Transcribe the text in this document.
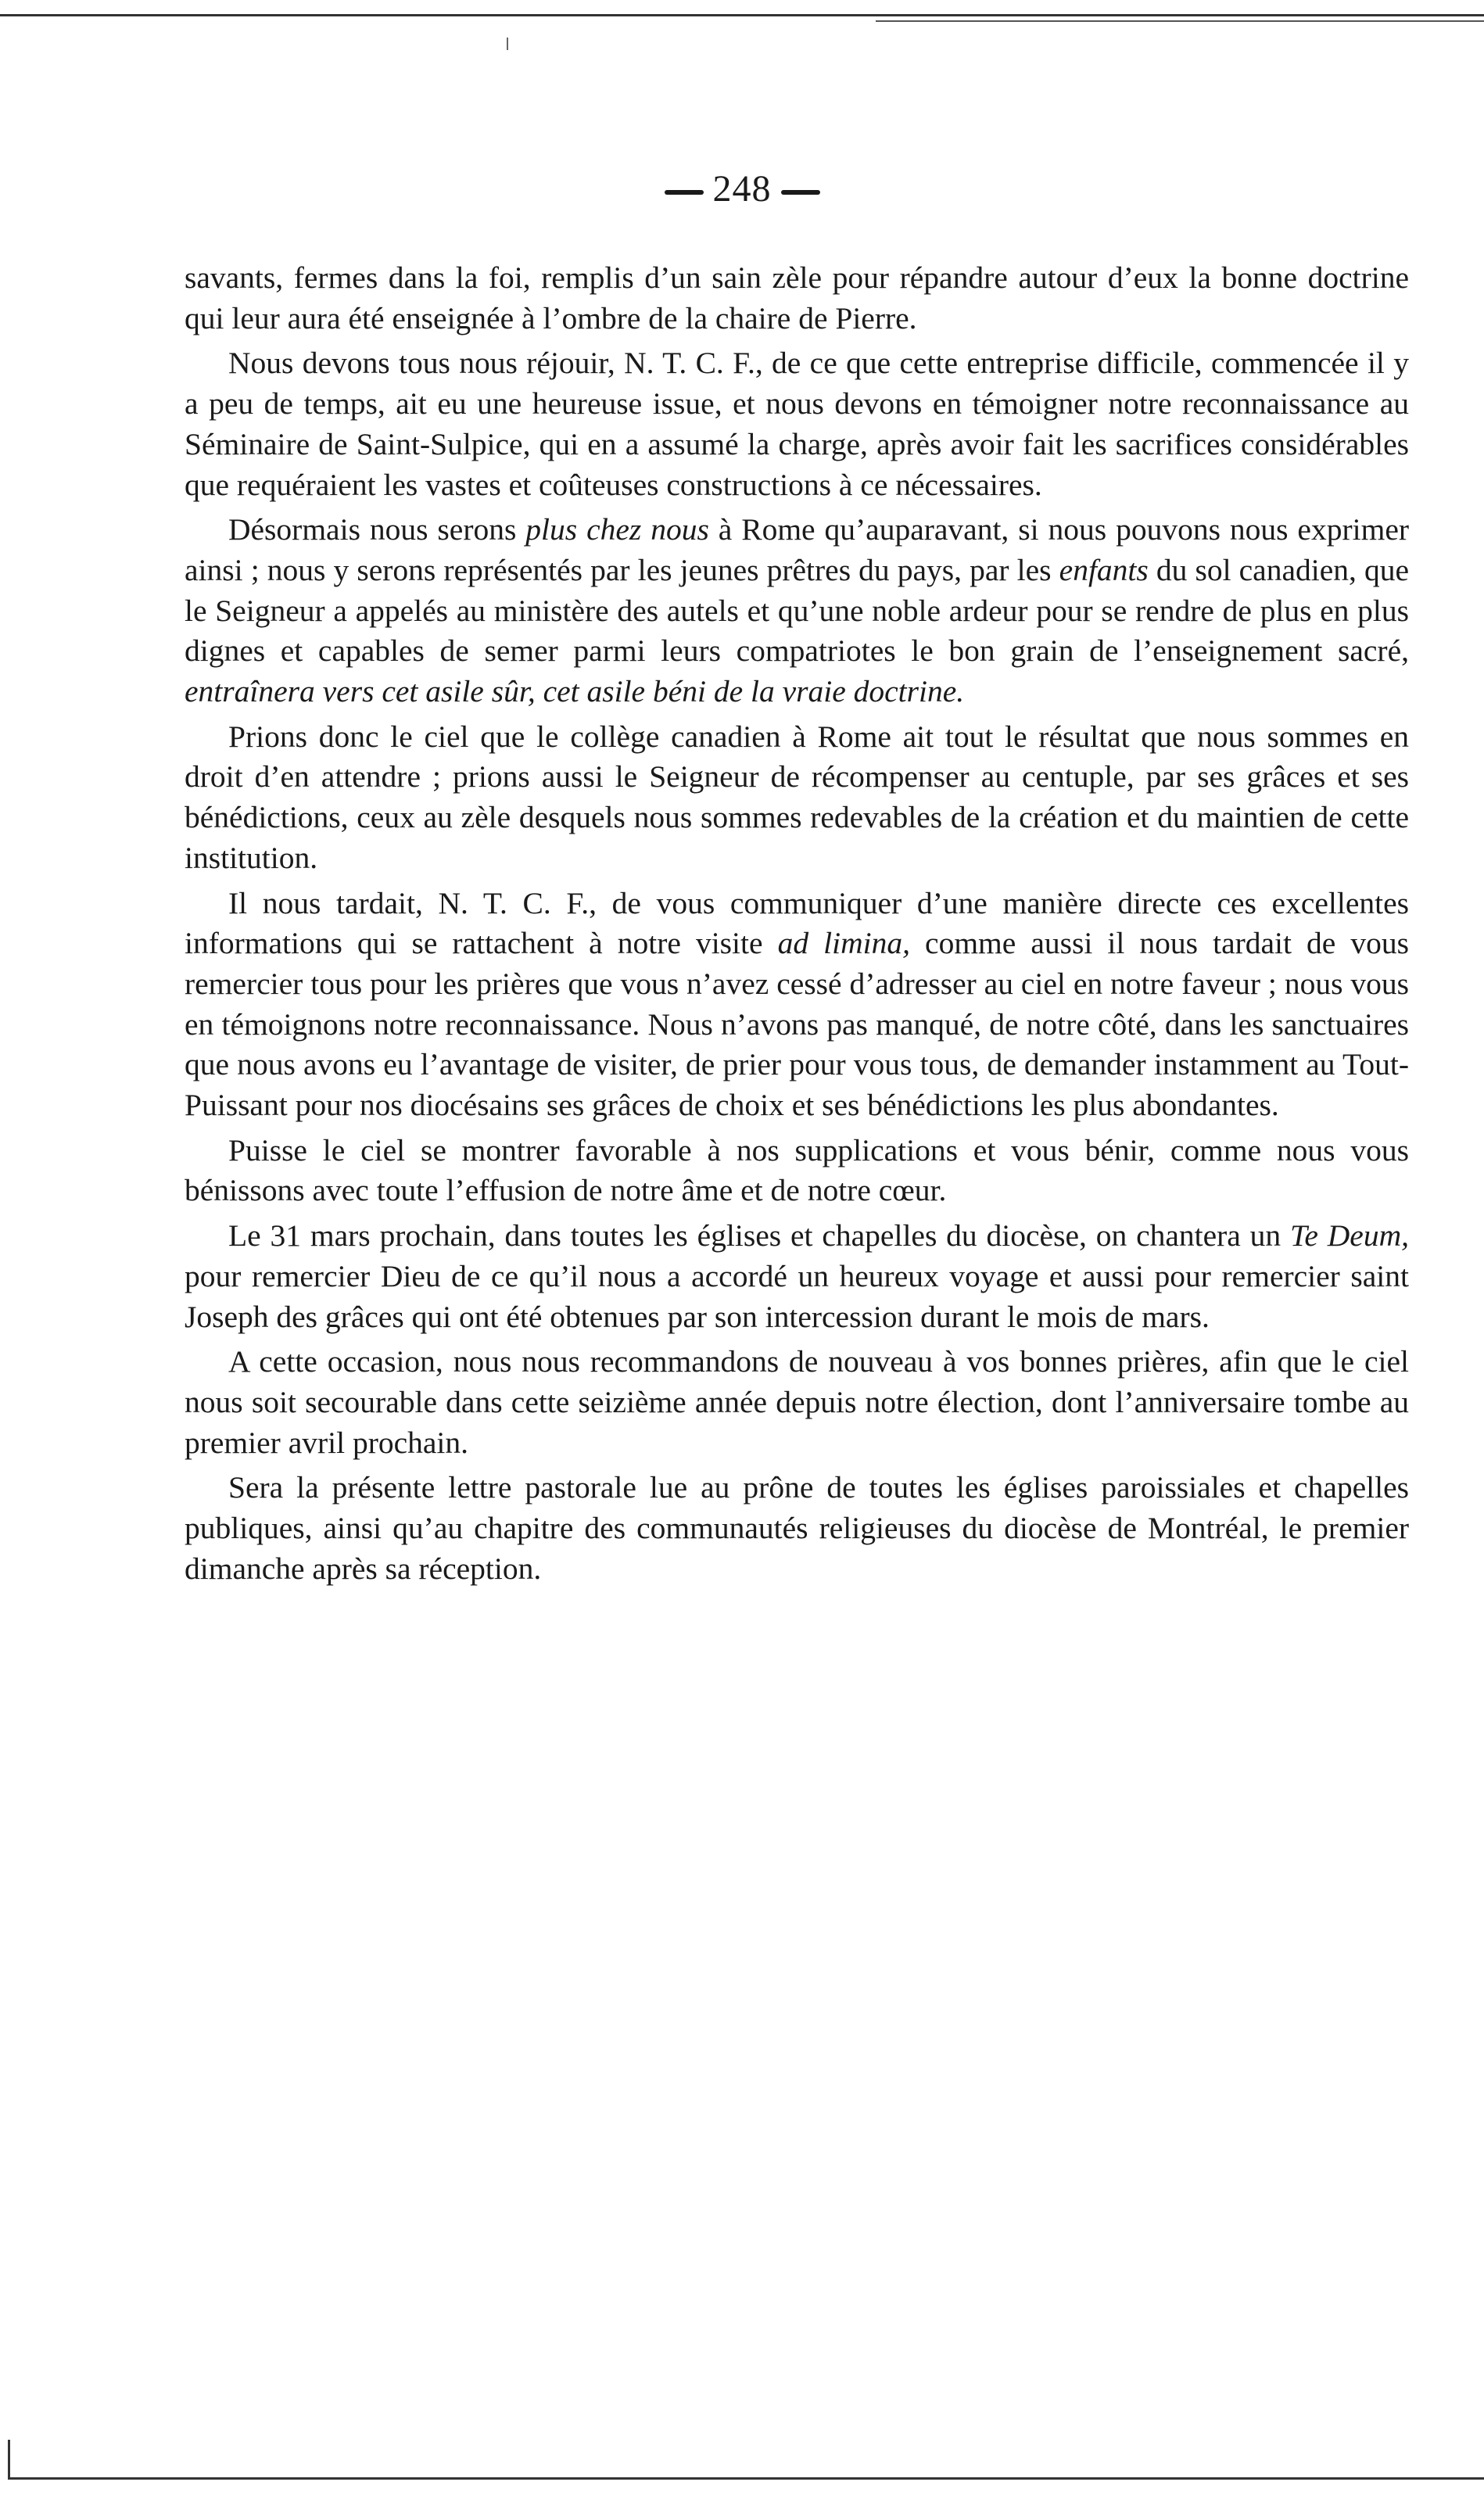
248

savants, fermes dans la foi, remplis d’un sain zèle pour répandre autour d’eux la bonne doctrine qui leur aura été enseignée à l’ombre de la chaire de Pierre.

Nous devons tous nous réjouir, N. T. C. F., de ce que cette entreprise difficile, commencée il y a peu de temps, ait eu une heureuse issue, et nous devons en témoigner notre reconnaissance au Séminaire de Saint-Sulpice, qui en a assumé la charge, après avoir fait les sacrifices considérables que requéraient les vastes et coûteuses constructions à ce nécessaires.

Désormais nous serons plus chez nous à Rome qu’auparavant, si nous pouvons nous exprimer ainsi ; nous y serons représentés par les jeunes prêtres du pays, par les enfants du sol canadien, que le Seigneur a appelés au ministère des autels et qu’une noble ardeur pour se rendre de plus en plus dignes et capables de semer parmi leurs compatriotes le bon grain de l’enseignement sacré, entraînera vers cet asile sûr, cet asile béni de la vraie doctrine.

Prions donc le ciel que le collège canadien à Rome ait tout le résultat que nous sommes en droit d’en attendre ; prions aussi le Seigneur de récompenser au centuple, par ses grâces et ses bénédictions, ceux au zèle desquels nous sommes redevables de la création et du maintien de cette institution.

Il nous tardait, N. T. C. F., de vous communiquer d’une manière directe ces excellentes informations qui se rattachent à notre visite ad limina, comme aussi il nous tardait de vous remercier tous pour les prières que vous n’avez cessé d’adresser au ciel en notre faveur ; nous vous en témoignons notre reconnaissance. Nous n’avons pas manqué, de notre côté, dans les sanctuaires que nous avons eu l’avantage de visiter, de prier pour vous tous, de demander instamment au Tout-Puissant pour nos diocésains ses grâces de choix et ses bénédictions les plus abondantes.

Puisse le ciel se montrer favorable à nos supplications et vous bénir, comme nous vous bénissons avec toute l’effusion de notre âme et de notre cœur.

Le 31 mars prochain, dans toutes les églises et chapelles du diocèse, on chantera un Te Deum, pour remercier Dieu de ce qu’il nous a accordé un heureux voyage et aussi pour remercier saint Joseph des grâces qui ont été obtenues par son intercession durant le mois de mars.

A cette occasion, nous nous recommandons de nouveau à vos bonnes prières, afin que le ciel nous soit secourable dans cette seizième année depuis notre élection, dont l’anniversaire tombe au premier avril prochain.

Sera la présente lettre pastorale lue au prône de toutes les églises paroissiales et chapelles publiques, ainsi qu’au chapitre des communautés religieuses du diocèse de Montréal, le premier dimanche après sa réception.
